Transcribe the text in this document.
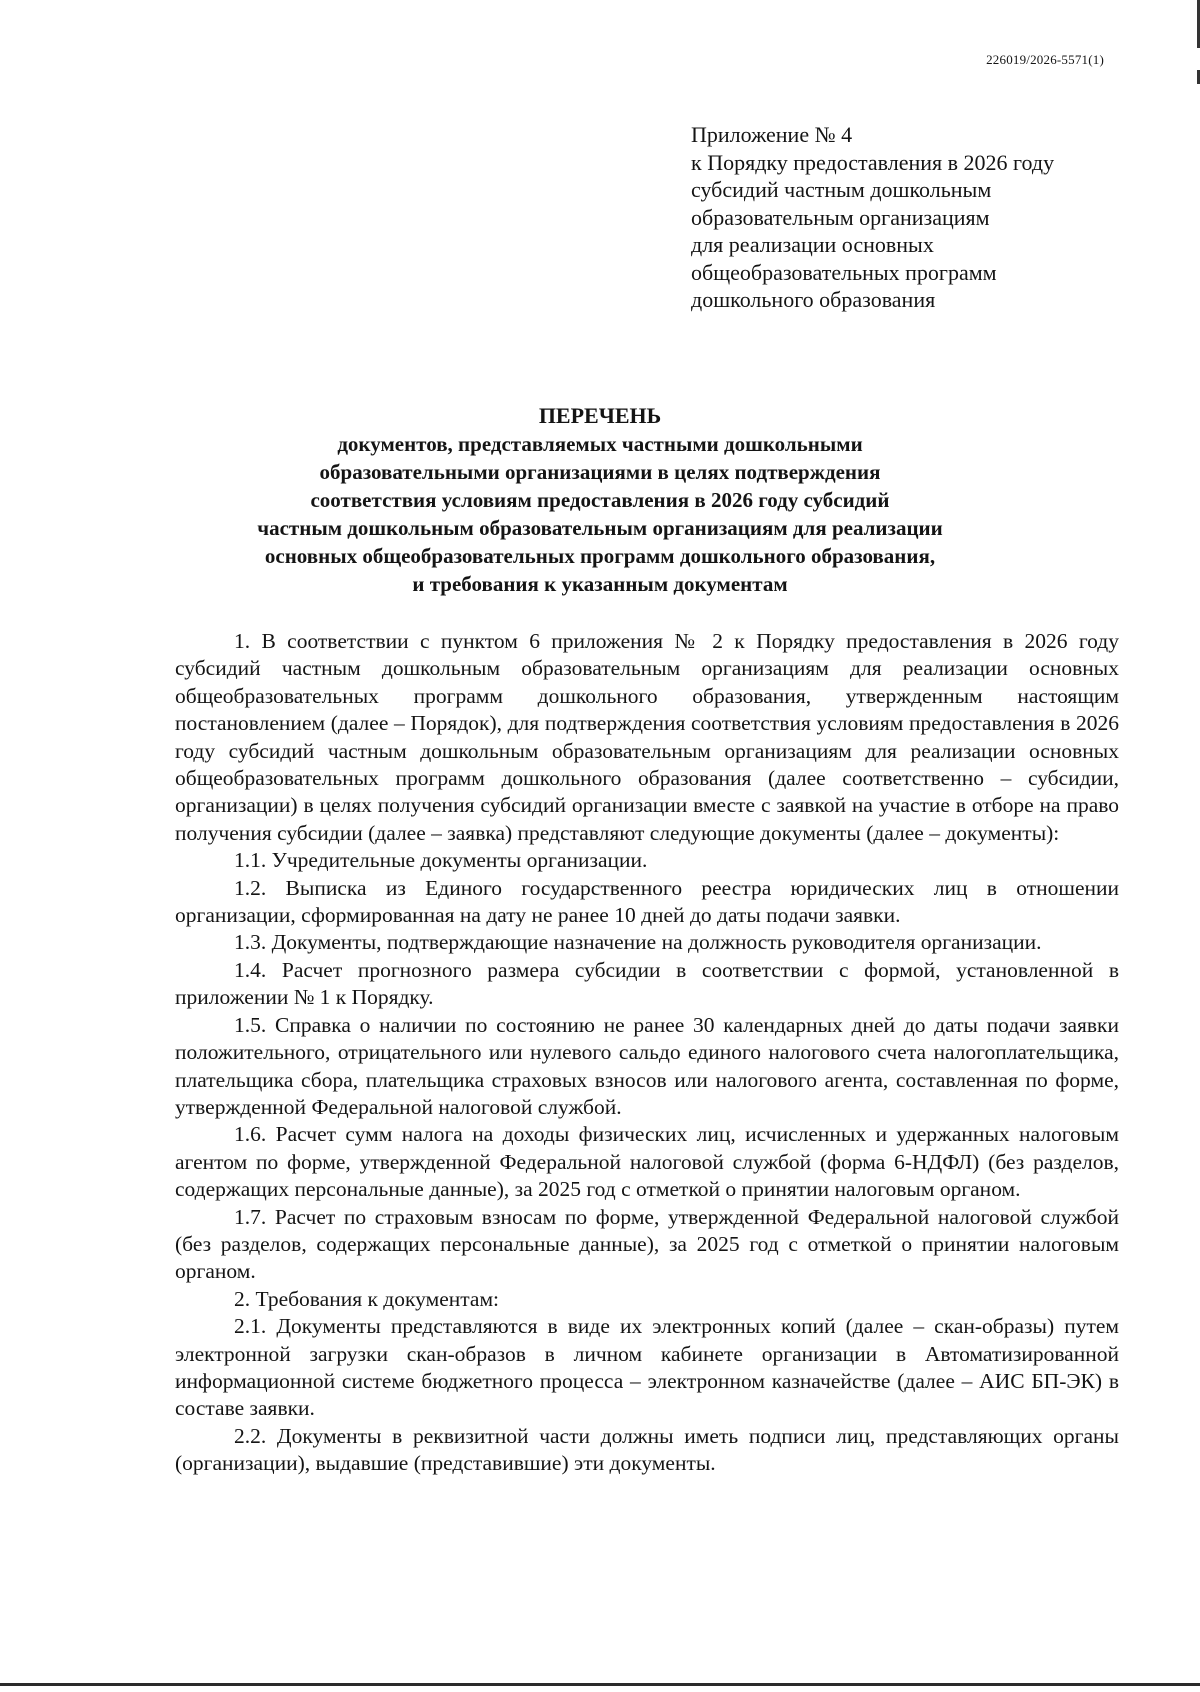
226019/2026-5571(1)
Приложение № 4
к Порядку предоставления в 2026 году
субсидий частным дошкольным
образовательным организациям
для реализации основных
общеобразовательных программ
дошкольного образования
ПЕРЕЧЕНЬ
документов, представляемых частными дошкольными
образовательными организациями в целях подтверждения
соответствия условиям предоставления в 2026 году субсидий
частным дошкольным образовательным организациям для реализации
основных общеобразовательных программ дошкольного образования,
и требования к указанным документам

1. В соответствии с пунктом 6 приложения № 2 к Порядку предоставления в 2026 году субсидий частным дошкольным образовательным организациям для реализации основных общеобразовательных программ дошкольного образования, утвержденным настоящим постановлением (далее – Порядок), для подтверждения соответствия условиям предоставления в 2026 году субсидий частным дошкольным образовательным организациям для реализации основных общеобразовательных программ дошкольного образования (далее соответственно – субсидии, организации) в целях получения субсидий организации вместе с заявкой на участие в отборе на право получения субсидии (далее – заявка) представляют следующие документы (далее – документы):

1.1. Учредительные документы организации.

1.2. Выписка из Единого государственного реестра юридических лиц в отношении организации, сформированная на дату не ранее 10 дней до даты подачи заявки.

1.3. Документы, подтверждающие назначение на должность руководителя организации.

1.4. Расчет прогнозного размера субсидии в соответствии с формой, установленной в приложении № 1 к Порядку.

1.5. Справка о наличии по состоянию не ранее 30 календарных дней до даты подачи заявки положительного, отрицательного или нулевого сальдо единого налогового счета налогоплательщика, плательщика сбора, плательщика страховых взносов или налогового агента, составленная по форме, утвержденной Федеральной налоговой службой.

1.6. Расчет сумм налога на доходы физических лиц, исчисленных и удержанных налоговым агентом по форме, утвержденной Федеральной налоговой службой (форма 6-НДФЛ) (без разделов, содержащих персональные данные), за 2025 год с отметкой о принятии налоговым органом.

1.7. Расчет по страховым взносам по форме, утвержденной Федеральной налоговой службой (без разделов, содержащих персональные данные), за 2025 год с отметкой о принятии налоговым органом.

2. Требования к документам:

2.1. Документы представляются в виде их электронных копий (далее – скан-образы) путем электронной загрузки скан-образов в личном кабинете организации в Автоматизированной информационной системе бюджетного процесса – электронном казначействе (далее – АИС БП-ЭК) в составе заявки.

2.2. Документы в реквизитной части должны иметь подписи лиц, представляющих органы (организации), выдавшие (представившие) эти документы.
